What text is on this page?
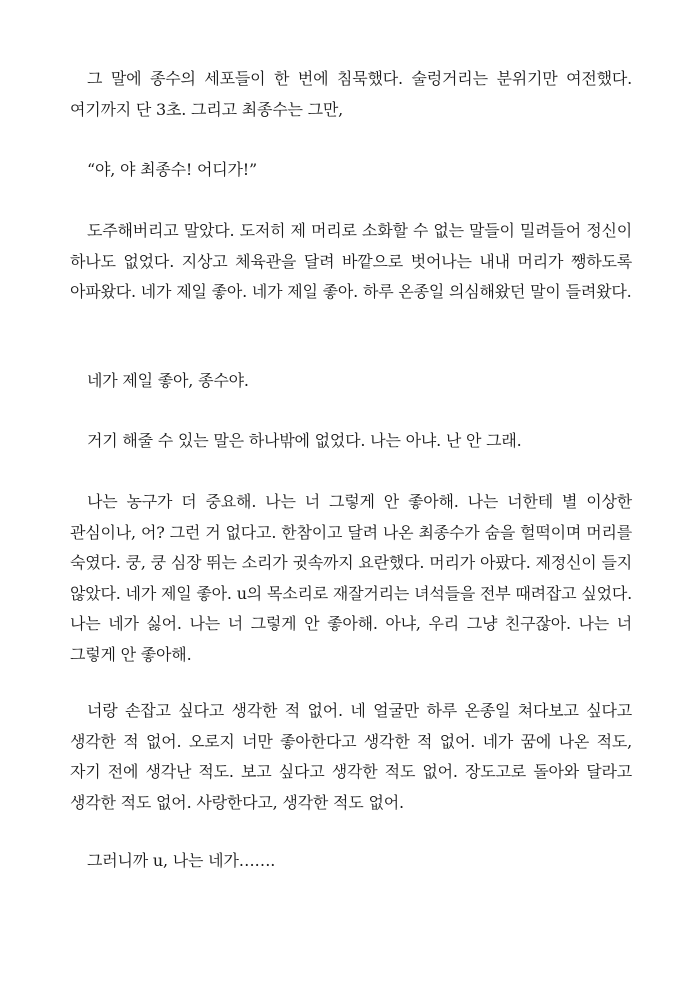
그 말에 종수의 세포들이 한 번에 침묵했다. 술렁거리는 분위기만 여전했다. 여기까지 단 3초. 그리고 최종수는 그만,

“야, 야 최종수! 어디가!”

도주해버리고 말았다. 도저히 제 머리로 소화할 수 없는 말들이 밀려들어 정신이 하나도 없었다. 지상고 체육관을 달려 바깥으로 벗어나는 내내 머리가 쨍하도록 아파왔다. 네가 제일 좋아. 네가 제일 좋아. 하루 온종일 의심해왔던 말이 들려왔다.

네가 제일 좋아, 종수야.

거기 해줄 수 있는 말은 하나밖에 없었다. 나는 아냐. 난 안 그래.

나는 농구가 더 중요해. 나는 너 그렇게 안 좋아해. 나는 너한테 별 이상한 관심이나, 어? 그런 거 없다고. 한참이고 달려 나온 최종수가 숨을 헐떡이며 머리를 숙였다. 쿵, 쿵 심장 뛰는 소리가 귓속까지 요란했다. 머리가 아팠다. 제정신이 들지 않았다. 네가 제일 좋아. u의 목소리로 재잘거리는 녀석들을 전부 때려잡고 싶었다. 나는 네가 싫어. 나는 너 그렇게 안 좋아해. 아냐, 우리 그냥 친구잖아. 나는 너 그렇게 안 좋아해.

너랑 손잡고 싶다고 생각한 적 없어. 네 얼굴만 하루 온종일 쳐다보고 싶다고 생각한 적 없어. 오로지 너만 좋아한다고 생각한 적 없어. 네가 꿈에 나온 적도, 자기 전에 생각난 적도. 보고 싶다고 생각한 적도 없어. 장도고로 돌아와 달라고 생각한 적도 없어. 사랑한다고, 생각한 적도 없어.

그러니까 u, 나는 네가…….
